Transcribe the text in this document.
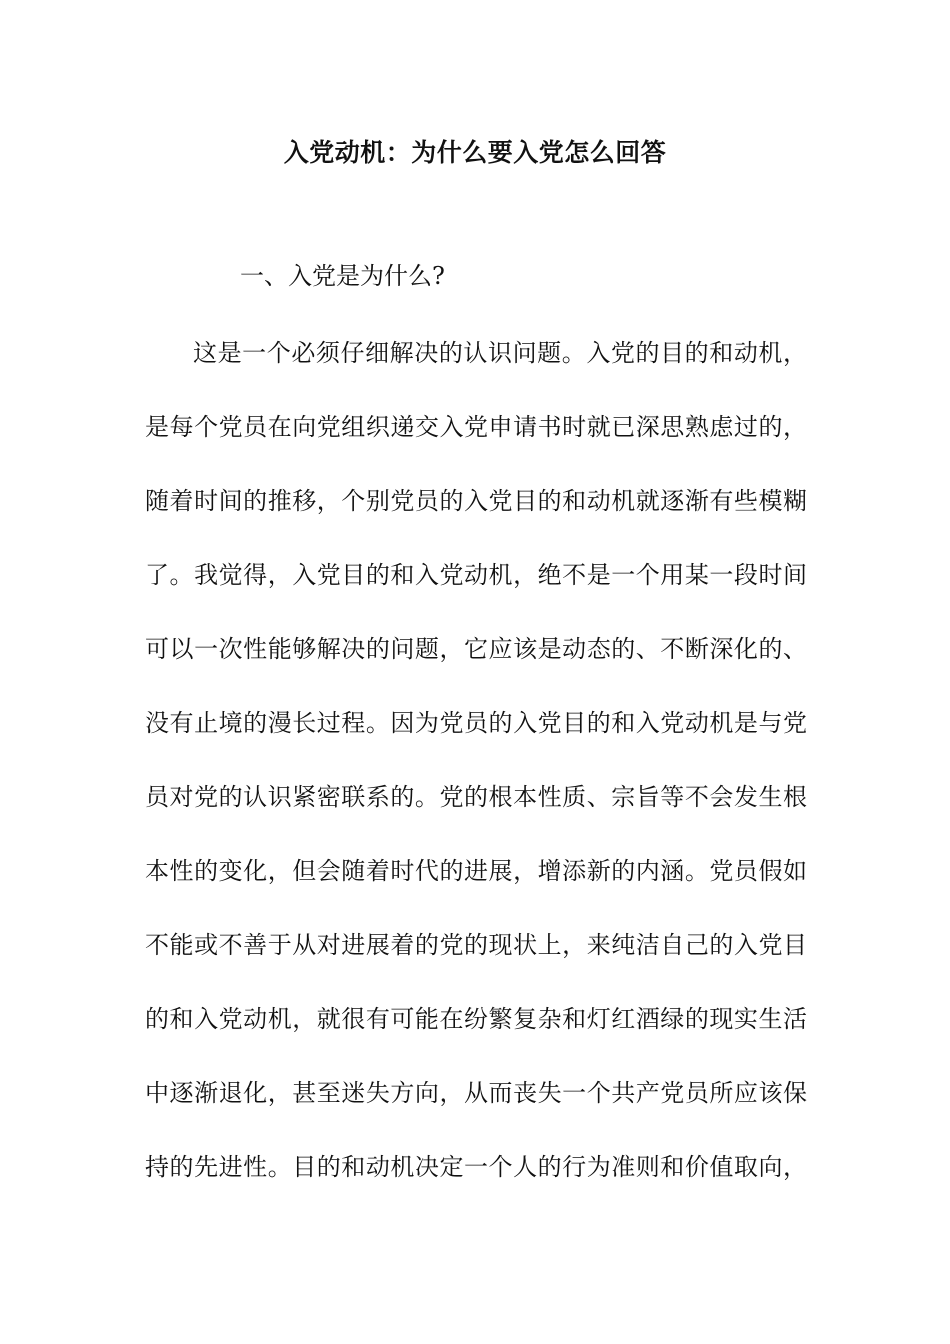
入党动机：为什么要入党怎么回答

一、入党是为什么?

这是一个必须仔细解决的认识问题。入党的目的和动机，

是每个党员在向党组织递交入党申请书时就已深思熟虑过的，

随着时间的推移，个别党员的入党目的和动机就逐渐有些模糊

了。我觉得，入党目的和入党动机，绝不是一个用某一段时间

可以一次性能够解决的问题，它应该是动态的、不断深化的、

没有止境的漫长过程。因为党员的入党目的和入党动机是与党

员对党的认识紧密联系的。党的根本性质、宗旨等不会发生根

本性的变化，但会随着时代的进展，增添新的内涵。党员假如

不能或不善于从对进展着的党的现状上，来纯洁自己的入党目

的和入党动机，就很有可能在纷繁复杂和灯红酒绿的现实生活

中逐渐退化，甚至迷失方向，从而丧失一个共产党员所应该保

持的先进性。目的和动机决定一个人的行为准则和价值取向，
